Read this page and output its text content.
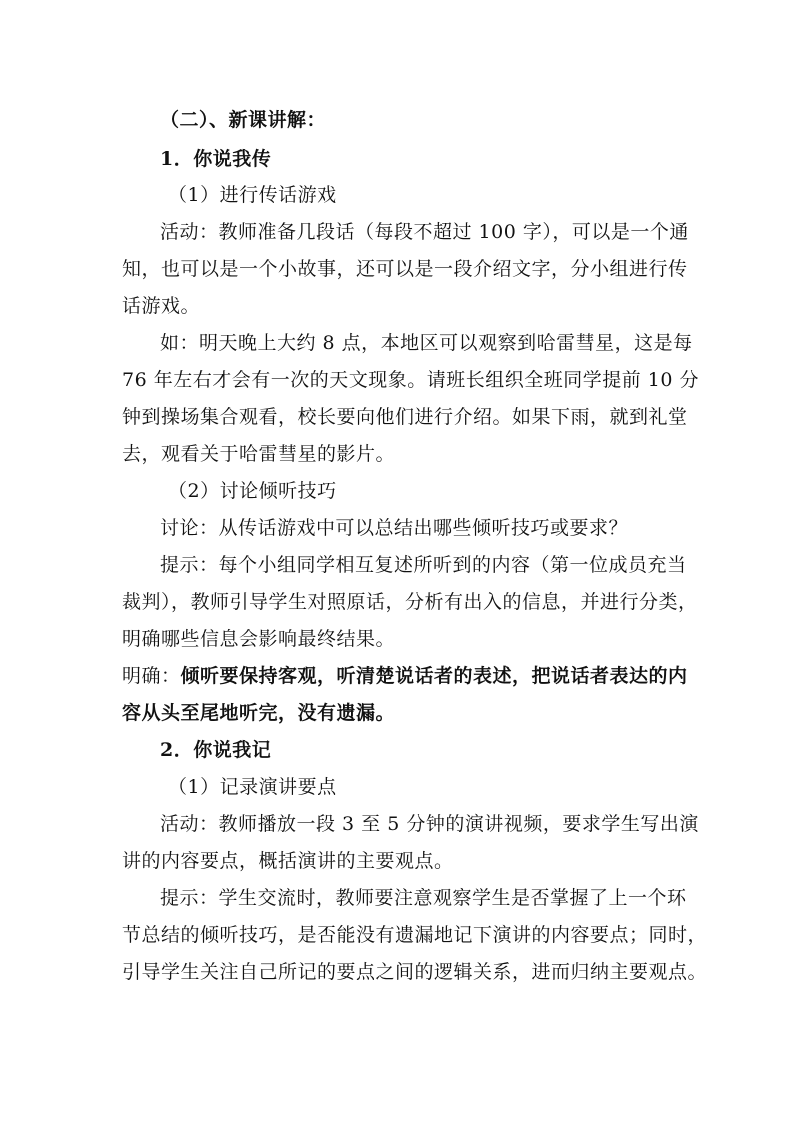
（二）、新课讲解：
1．你说我传
（1）进行传话游戏
活动：教师准备几段话（每段不超过 100 字），可以是一个通
知，也可以是一个小故事，还可以是一段介绍文字，分小组进行传
话游戏。
如：明天晚上大约 8 点，本地区可以观察到哈雷彗星，这是每
76 年左右才会有一次的天文现象。请班长组织全班同学提前 10 分
钟到操场集合观看，校长要向他们进行介绍。如果下雨，就到礼堂
去，观看关于哈雷彗星的影片。
（2）讨论倾听技巧
讨论：从传话游戏中可以总结出哪些倾听技巧或要求？
提示：每个小组同学相互复述所听到的内容（第一位成员充当
裁判），教师引导学生对照原话，分析有出入的信息，并进行分类，
明确哪些信息会影响最终结果。
明确：倾听要保持客观，听清楚说话者的表述，把说话者表达的内
容从头至尾地听完，没有遗漏。
2．你说我记
（1）记录演讲要点
活动：教师播放一段 3 至 5 分钟的演讲视频，要求学生写出演
讲的内容要点，概括演讲的主要观点。
提示：学生交流时，教师要注意观察学生是否掌握了上一个环
节总结的倾听技巧，是否能没有遗漏地记下演讲的内容要点；同时，
引导学生关注自己所记的要点之间的逻辑关系，进而归纳主要观点。
